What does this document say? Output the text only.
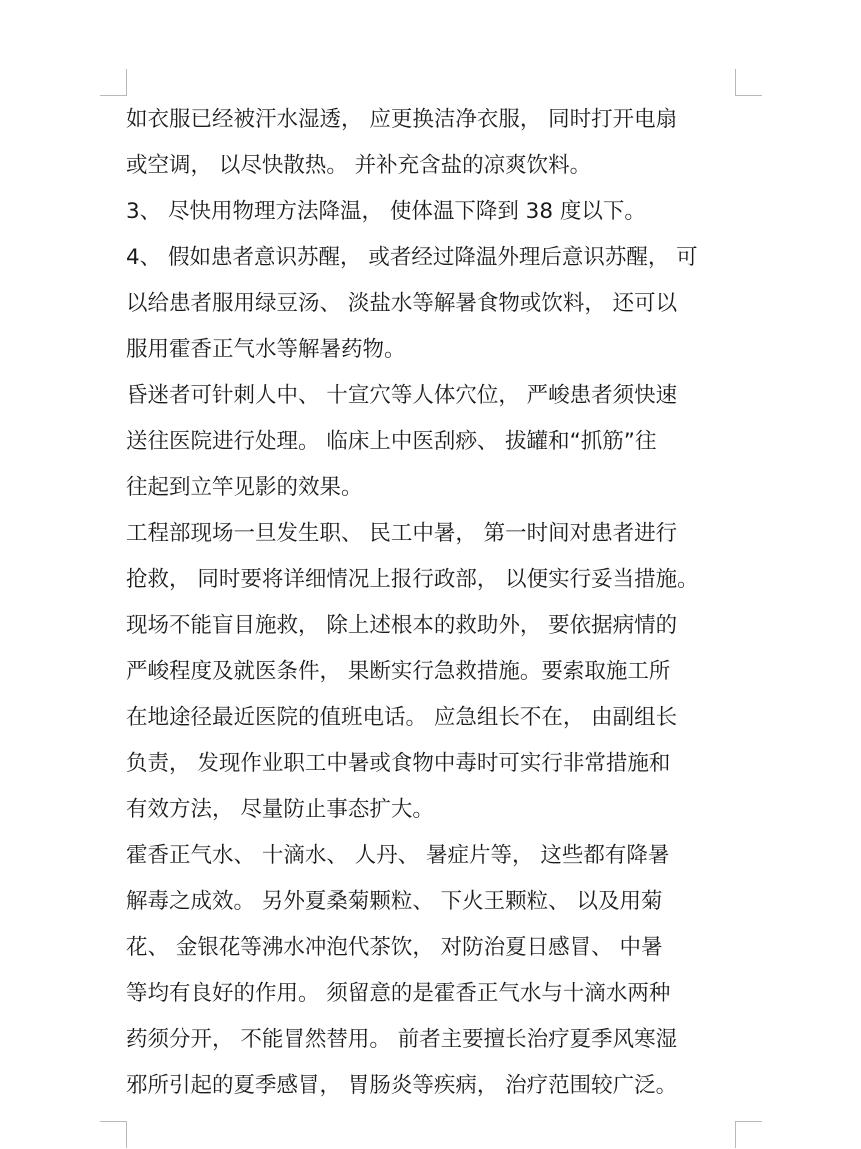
如衣服已经被汗水湿透， 应更换洁净衣服， 同时打开电扇
或空调， 以尽快散热。 并补充含盐的凉爽饮料。
3、 尽快用物理方法降温， 使体温下降到 38 度以下。
4、 假如患者意识苏醒， 或者经过降温外理后意识苏醒， 可
以给患者服用绿豆汤、 淡盐水等解暑食物或饮料， 还可以
服用霍香正气水等解暑药物。
昏迷者可针刺人中、 十宣穴等人体穴位， 严峻患者须快速
送往医院进行处理。 临床上中医刮痧、 拔罐和“抓筋”往
往起到立竿见影的效果。
工程部现场一旦发生职、 民工中暑， 第一时间对患者进行
抢救， 同时要将详细情况上报行政部， 以便实行妥当措施。
现场不能盲目施救， 除上述根本的救助外， 要依据病情的
严峻程度及就医条件， 果断实行急救措施。要索取施工所
在地途径最近医院的值班电话。 应急组长不在， 由副组长
负责， 发现作业职工中暑或食物中毒时可实行非常措施和
有效方法， 尽量防止事态扩大。
霍香正气水、 十滴水、 人丹、 暑症片等， 这些都有降暑
解毒之成效。 另外夏桑菊颗粒、 下火王颗粒、 以及用菊
花、 金银花等沸水冲泡代茶饮， 对防治夏日感冒、 中暑
等均有良好的作用。 须留意的是霍香正气水与十滴水两种
药须分开， 不能冒然替用。 前者主要擅长治疗夏季风寒湿
邪所引起的夏季感冒， 胃肠炎等疾病， 治疗范围较广泛。
